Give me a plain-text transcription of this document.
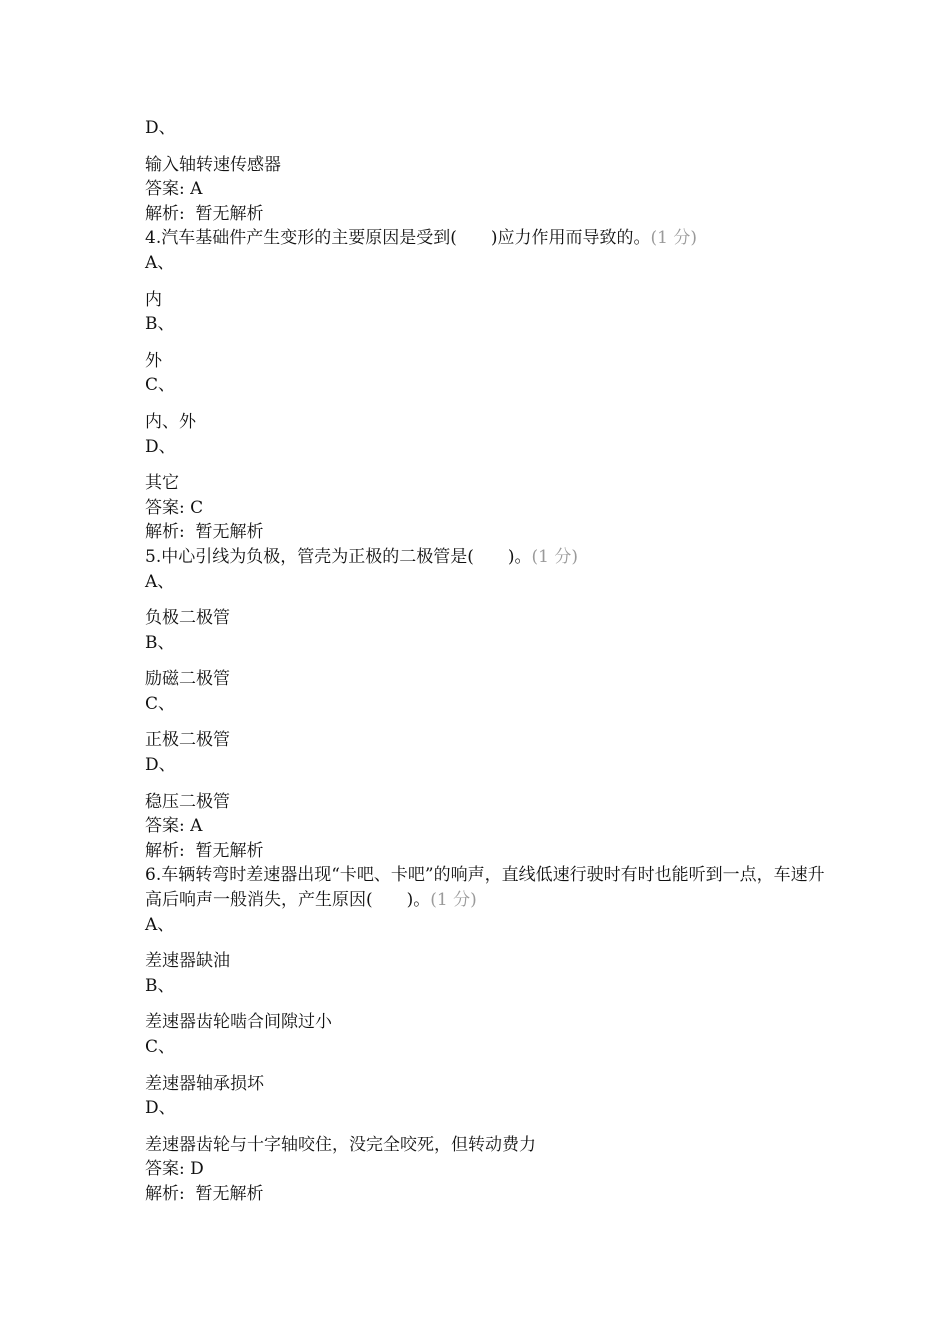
D、
输入轴转速传感器
答案: A
解析:  暂无解析
4.汽车基础件产生变形的主要原因是受到(　　)应力作用而导致的。(1 分)
A、
内
B、
外
C、
内、外
D、
其它
答案: C
解析:  暂无解析
5.中心引线为负极，管壳为正极的二极管是(　　)。(1 分)
A、
负极二极管
B、
励磁二极管
C、
正极二极管
D、
稳压二极管
答案: A
解析:  暂无解析
6.车辆转弯时差速器出现“卡吧、卡吧”的响声，直线低速行驶时有时也能听到一点，车速升高后响声一般消失，产生原因(　　)。(1 分)
A、
差速器缺油
B、
差速器齿轮啮合间隙过小
C、
差速器轴承损坏
D、
差速器齿轮与十字轴咬住，没完全咬死，但转动费力
答案: D
解析:  暂无解析
